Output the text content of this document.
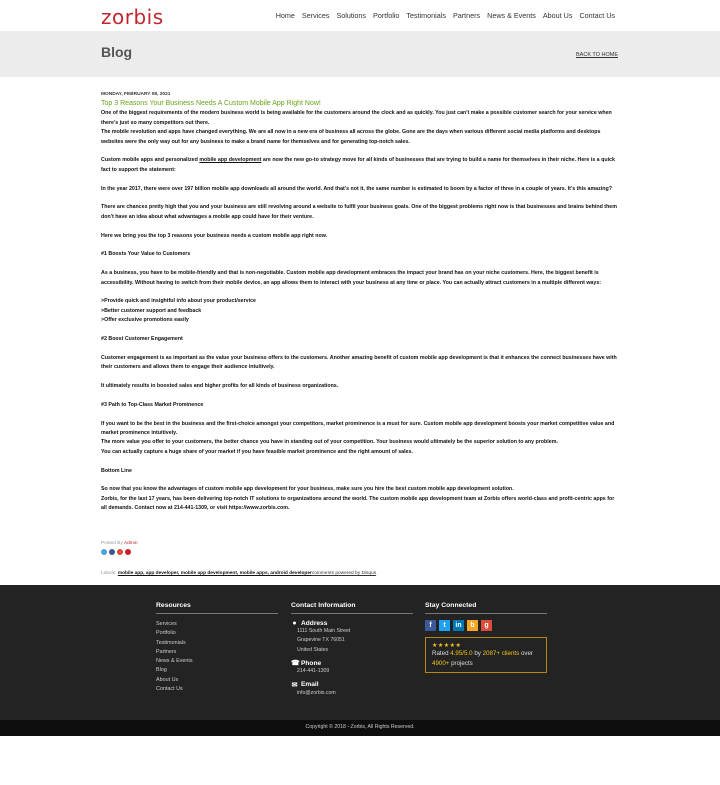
zorbis	Home Services Solutions Portfolio Testimonials Partners News & Events About Us Contact Us
Blog	BACK TO HOME
MONDAY, FEBRUARY 08, 2021
Top 3 Reasons Your Business Needs A Custom Mobile App Right Now!

One of the biggest requirements of the modern business world is being available for the customers around the clock and as quickly. You just can't make a possible customer search for your service when there's just so many competitors out there.

The mobile revolution and apps have changed everything. We are all now in a new era of business all across the globe. Gone are the days when various different social media platforms and desktops websites were the only way out for any business to make a brand name for themselves and for generating top-notch sales.

Custom mobile apps and personalized mobile app development are now the new go-to strategy move for all kinds of businesses that are trying to build a name for themselves in their niche. Here is a quick fact to support the statement:

In the year 2017, there were over 197 billion mobile app downloads all around the world. And that's not it, the same number is estimated to boom by a factor of three in a couple of years. It's this amazing?

There are chances pretty high that you and your business are still revolving around a website to fulfil your business goals. One of the biggest problems right now is that businesses and brains behind them don't have an idea about what advantages a mobile app could have for their venture.

Here we bring you the top 3 reasons your business needs a custom mobile app right now.

#1 Boosts Your Value to Customers

As a business, you have to be mobile-friendly and that is non-negotiable. Custom mobile app development embraces the impact your brand has on your niche customers. Here, the biggest benefit is accessibility. Without having to switch from their mobile device, an app allows them to interact with your business at any time or place. You can actually attract customers in a multiple different ways:

>Provide quick and insightful info about your product/service

>Better customer support and feedback

>Offer exclusive promotions easily

#2 Boost Customer Engagement

Customer engagement is as important as the value your business offers to the customers. Another amazing benefit of custom mobile app development is that it enhances the connect businesses have with their customers and allows them to engage their audience intuitively.

It ultimately results in boosted sales and higher profits for all kinds of business organizations.

#3 Path to Top-Class Market Prominence

If you want to be the best in the business and the first-choice amongst your competitors, market prominence is a must for sure. Custom mobile app development boosts your market competitive value and market prominence intuitively.

The more value you offer to your customers, the better chance you have in standing out of your competition. Your business would ultimately be the superior solution to any problem.

You can actually capture a huge share of your market if you have feasible market prominence and the right amount of sales.

Bottom Line

So now that you know the advantages of custom mobile app development for your business, make sure you hire the best custom mobile app development solution.

Zorbis, for the last 17 years, has been delivering top-notch IT solutions to organizations around the world. The custom mobile app development team at Zorbis offers world-class and profit-centric apps for all demands. Contact now at 214-441-1309, or visit https://www.zorbis.com.

Posted By Admin
Labels: mobile app, app developer, mobile app development, mobile apps, android developercomments powered by Disqus
Resources
Services
Portfolio
Testimonials
Partners
News & Events
Blog
About Us
Contact Us
Contact Information
● Address
1111 South Main Street
Grapevine TX 76051
United States
☎ Phone
214-441-1309
✉ Email
info@zorbis.com
Stay Connected
f	t	in	b	g
★★★★★
Rated 4.95/5.0 by 2087+ clients over
4900+ projects
Copyright © 2018 - Zorbis, All Rights Reserved.
